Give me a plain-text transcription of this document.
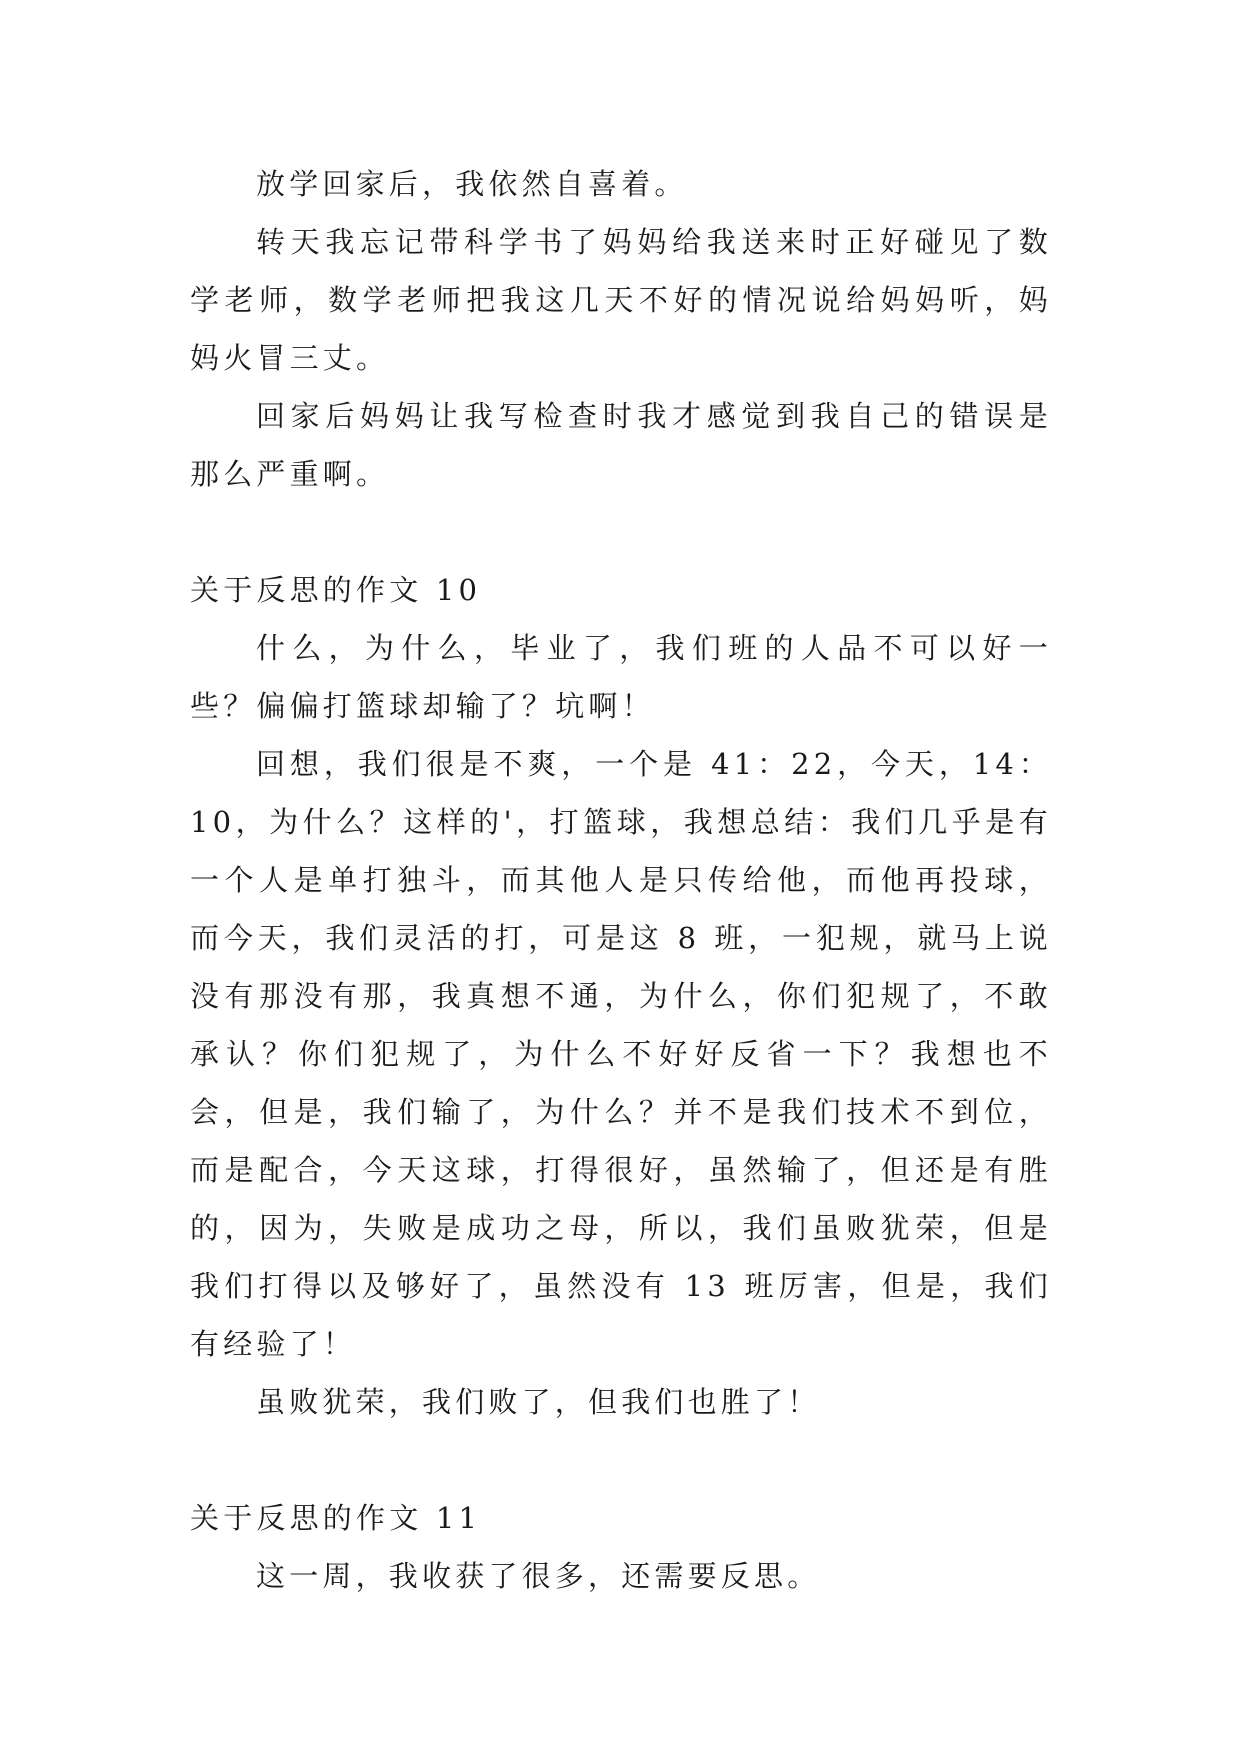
放学回家后，我依然自喜着。

转天我忘记带科学书了妈妈给我送来时正好碰见了数学老师，数学老师把我这几天不好的情况说给妈妈听，妈妈火冒三丈。

回家后妈妈让我写检查时我才感觉到我自己的错误是那么严重啊。

关于反思的作文 10

什么，为什么，毕业了，我们班的人品不可以好一些？偏偏打篮球却输了？坑啊！

回想，我们很是不爽，一个是 41：22，今天，14：10，为什么？这样的'，打篮球，我想总结：我们几乎是有一个人是单打独斗，而其他人是只传给他，而他再投球，而今天，我们灵活的打，可是这 8 班，一犯规，就马上说没有那没有那，我真想不通，为什么，你们犯规了，不敢承认？你们犯规了，为什么不好好反省一下？我想也不会，但是，我们输了，为什么？并不是我们技术不到位，而是配合，今天这球，打得很好，虽然输了，但还是有胜的，因为，失败是成功之母，所以，我们虽败犹荣，但是我们打得以及够好了，虽然没有 13 班厉害，但是，我们有经验了！

虽败犹荣，我们败了，但我们也胜了！

关于反思的作文 11

这一周，我收获了很多，还需要反思。
